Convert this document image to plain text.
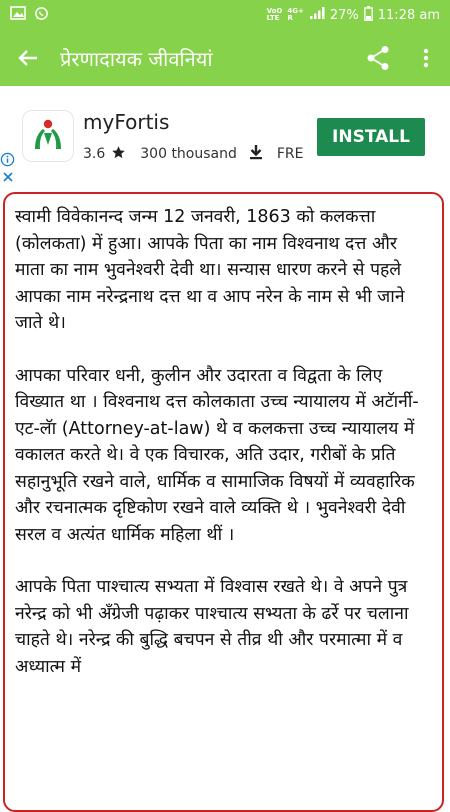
VoO
LTE
4G+
R	27% 11:28 am
प्रेरणादायक जीवनियां
myFortis
3.6	300 thousand	FRE
INSTALL

स्वामी विवेकानन्द जन्म 12 जनवरी, 1863 को कलकत्ता (कोलकता) में हुआ। आपके पिता का नाम विश्वनाथ दत्त और माता का नाम भुवनेश्वरी देवी था। सन्यास धारण करने से पहले आपका नाम नरेन्द्रनाथ दत्त था व आप नरेन के नाम से भी जाने जाते थे।

आपका परिवार धनी, कुलीन और उदारता व विद्वता के लिए विख्यात था । विश्वनाथ दत्त कोलकाता उच्च न्यायालय में अटॅार्नी-एट-लॅा (Attorney-at-law) थे व कलकत्ता उच्च न्यायालय में वकालत करते थे। वे एक विचारक, अति उदार, गरीबों के प्रति सहानुभूति रखने वाले, धार्मिक व सामाजिक विषयों में व्यवहारिक और रचनात्मक दृष्टिकोण रखने वाले व्यक्ति थे । भुवनेश्वरी देवी सरल व अत्यंत धार्मिक महिला थीं ।

आपके पिता पाश्चात्य सभ्यता में विश्वास रखते थे। वे अपने पुत्र नरेन्द्र को भी अँग्रेजी पढ़ाकर पाश्चात्य सभ्यता के ढर्रे पर चलाना चाहते थे। नरेन्द्र की बुद्धि बचपन से तीव्र थी और परमात्मा में व अध्यात्म में
